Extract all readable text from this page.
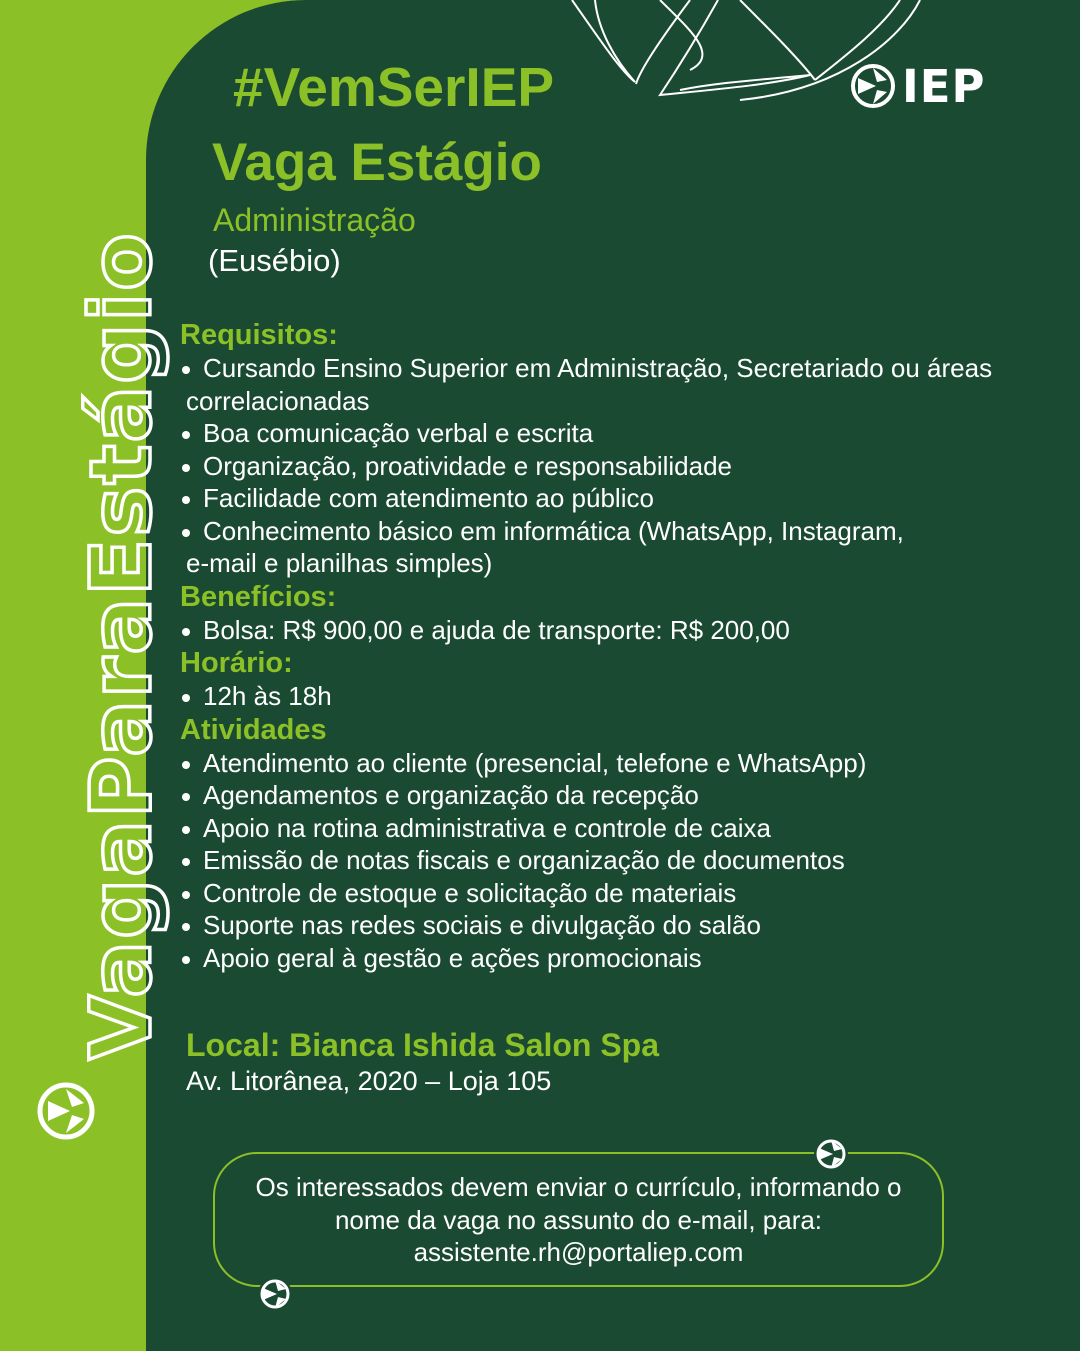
VagaParaEstágio
IEP

#VemSerIEP

Vaga Estágio

Administração

(Eusébio)

Requisitos:

Cursando Ensino Superior em Administração, Secretariado ou áreas
correlacionadas
Boa comunicação verbal e escrita
Organização, proatividade e responsabilidade
Facilidade com atendimento ao público
Conhecimento básico em informática (WhatsApp, Instagram,
e-mail e planilhas simples)

Benefícios:

Bolsa: R$ 900,00 e ajuda de transporte: R$ 200,00

Horário:

12h às 18h

Atividades

Atendimento ao cliente (presencial, telefone e WhatsApp)
Agendamentos e organização da recepção
Apoio na rotina administrativa e controle de caixa
Emissão de notas fiscais e organização de documentos
Controle de estoque e solicitação de materiais
Suporte nas redes sociais e divulgação do salão
Apoio geral à gestão e ações promocionais

Local: Bianca Ishida Salon Spa

Av. Litorânea, 2020 – Loja 105

Os interessados devem enviar o currículo, informando o
nome da vaga no assunto do e-mail, para:
assistente.rh@portaliep.com
